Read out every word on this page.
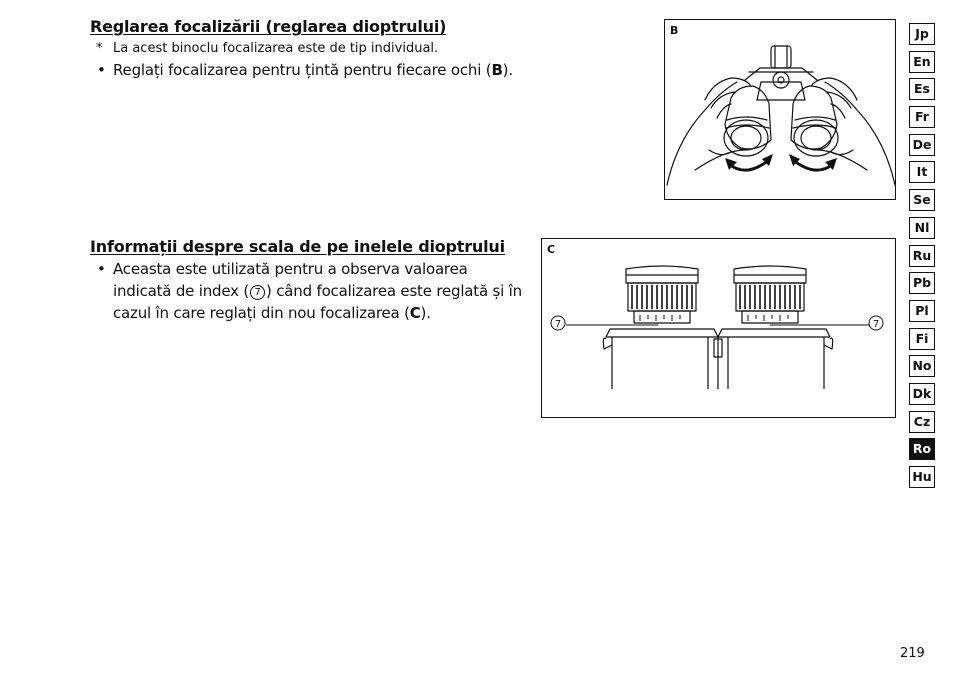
Reglarea focalizării (reglarea dioptrului)
* La acest binoclu focalizarea este de tip individual.
• Reglați focalizarea pentru țintă pentru fiecare ochi (B).
B
Informații despre scala de pe inelele dioptrului
• Aceasta este utilizată pentru a observa valoarea indicată de index ( 7 ) când focalizarea este reglată și în cazul în care reglați din nou focalizarea (C).
C
7	7
Jp
En
Es
Fr
De
It
Se
Nl
Ru
Pb
Pl
Fi
No
Dk
Cz
Ro
Hu
219
